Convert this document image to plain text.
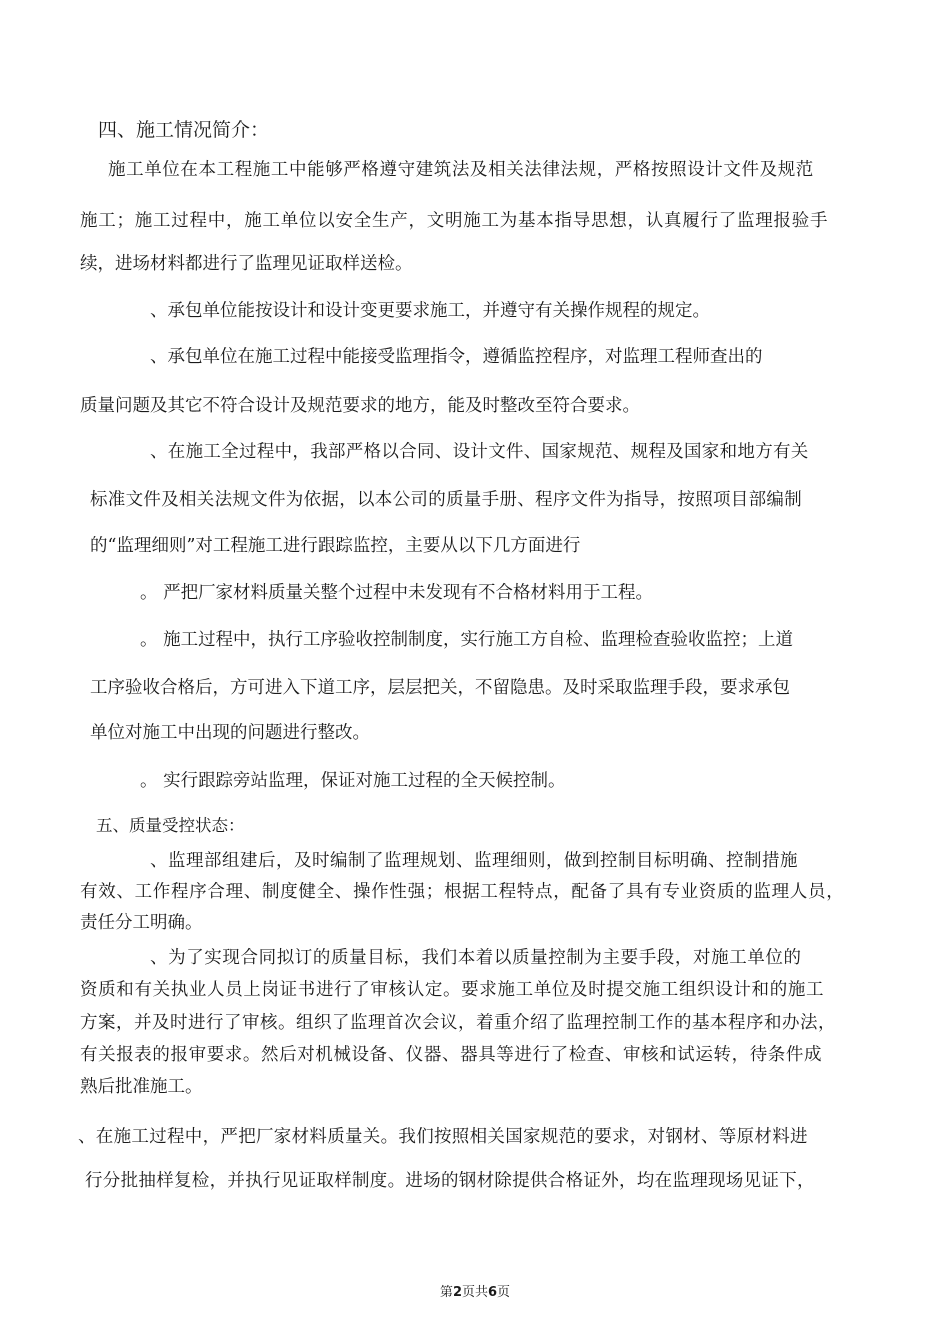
四、施工情况简介：
施工单位在本工程施工中能够严格遵守建筑法及相关法律法规，严格按照设计文件及规范
施工；施工过程中，施工单位以安全生产，文明施工为基本指导思想，认真履行了监理报验手
续，进场材料都进行了监理见证取样送检。
、承包单位能按设计和设计变更要求施工，并遵守有关操作规程的规定。
、承包单位在施工过程中能接受监理指令，遵循监控程序，对监理工程师查出的
质量问题及其它不符合设计及规范要求的地方，能及时整改至符合要求。
、在施工全过程中，我部严格以合同、设计文件、国家规范、规程及国家和地方有关
标准文件及相关法规文件为依据，以本公司的质量手册、程序文件为指导，按照项目部编制
的“监理细则”对工程施工进行跟踪监控，主要从以下几方面进行
。 严把厂家材料质量关整个过程中未发现有不合格材料用于工程。
。 施工过程中，执行工序验收控制制度，实行施工方自检、监理检查验收监控；上道
工序验收合格后，方可进入下道工序，层层把关，不留隐患。及时采取监理手段，要求承包
单位对施工中出现的问题进行整改。
。 实行跟踪旁站监理，保证对施工过程的全天候控制。
五、质量受控状态：
、监理部组建后，及时编制了监理规划、监理细则，做到控制目标明确、控制措施
有效、工作程序合理、制度健全、操作性强；根据工程特点，配备了具有专业资质的监理人员，
责任分工明确。
、为了实现合同拟订的质量目标，我们本着以质量控制为主要手段，对施工单位的
资质和有关执业人员上岗证书进行了审核认定。要求施工单位及时提交施工组织设计和的施工
方案，并及时进行了审核。组织了监理首次会议，着重介绍了监理控制工作的基本程序和办法，
有关报表的报审要求。然后对机械设备、仪器、器具等进行了检查、审核和试运转，待条件成
熟后批准施工。
、在施工过程中，严把厂家材料质量关。我们按照相关国家规范的要求，对钢材、等原材料进
行分批抽样复检，并执行见证取样制度。进场的钢材除提供合格证外，均在监理现场见证下，
第2页共6页
